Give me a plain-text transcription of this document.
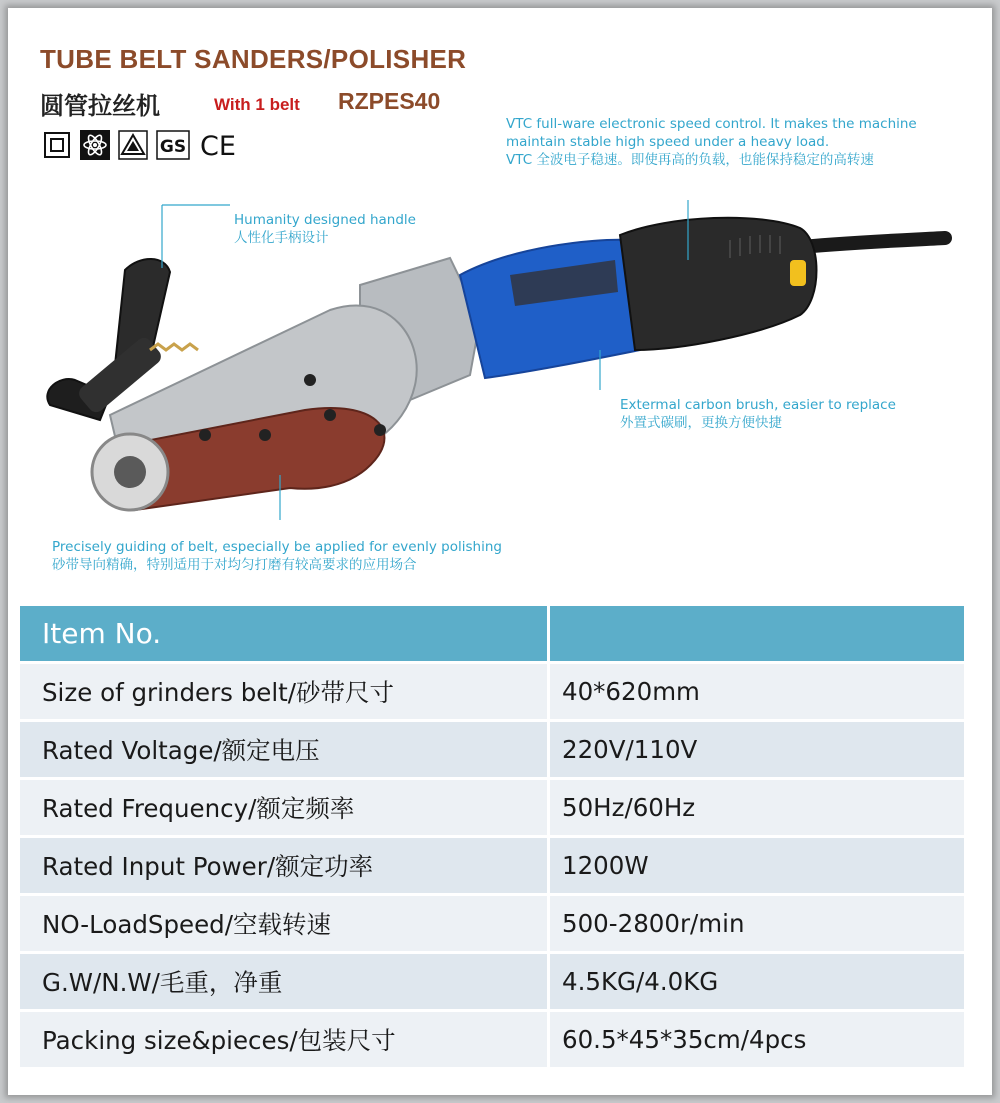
TUBE BELT SANDERS/POLISHER
圆管拉丝机	With 1 belt RZPES40
GS CE
VTC full-ware electronic speed control. It makes the machine
maintain stable high speed under a heavy load.
VTC 全波电子稳速。即使再高的负载，也能保持稳定的高转速
Humanity designed handle
人性化手柄设计
Extermal carbon brush, easier to replace
外置式碳刷，更换方便快捷
Precisely guiding of belt, especially be applied for evenly polishing
砂带导向精确，特别适用于对均匀打磨有较高要求的应用场合
Item No.	
Size of grinders belt/砂带尺寸	40*620mm
Rated Voltage/额定电压	220V/110V
Rated Frequency/额定频率	50Hz/60Hz
Rated Input Power/额定功率	1200W
NO-LoadSpeed/空载转速	500-2800r/min
G.W/N.W/毛重，净重	4.5KG/4.0KG
Packing size&pieces/包装尺寸	60.5*45*35cm/4pcs
